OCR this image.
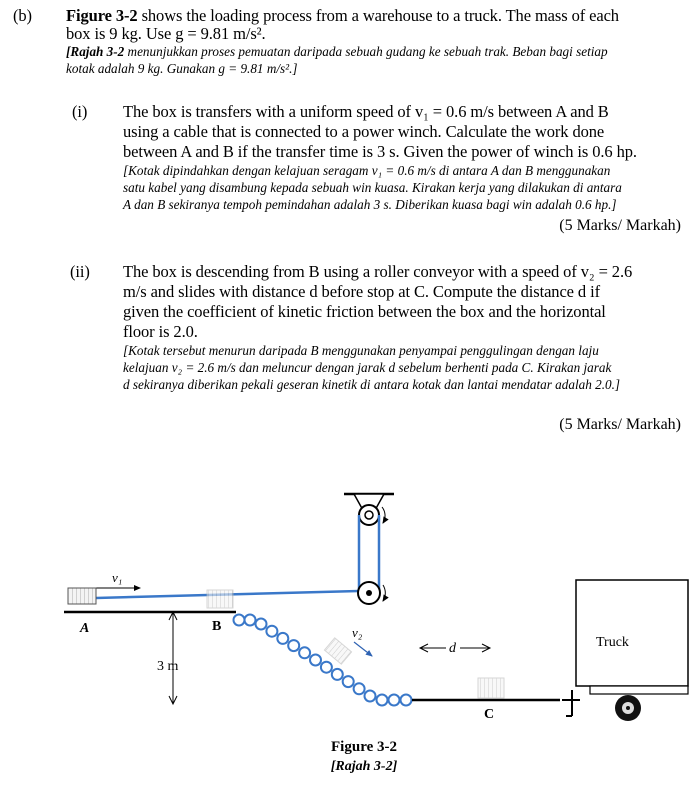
(b) Figure 3-2 shows the loading process from a warehouse to a truck. The mass of each
box is 9 kg. Use g = 9.81 m/s².
[Rajah 3-2 menunjukkan proses pemuatan daripada sebuah gudang ke sebuah trak. Beban bagi setiap
kotak adalah 9 kg. Gunakan g = 9.81 m/s².]
(i) The box is transfers with a uniform speed of v₁ = 0.6 m/s between A and B
using a cable that is connected to a power winch. Calculate the work done
between A and B if the transfer time is 3 s. Given the power of winch is 0.6 hp.
[Kotak dipindahkan dengan kelajuan seragam v₁ = 0.6 m/s di antara A dan B menggunakan
satu kabel yang disambung kepada sebuah win kuasa. Kirakan kerja yang dilakukan di antara
A dan B sekiranya tempoh pemindahan adalah 3 s. Diberikan kuasa bagi win adalah 0.6 hp.]
(5 Marks/ Markah)
(ii) The box is descending from B using a roller conveyor with a speed of v₂ = 2.6
m/s and slides with distance d before stop at C. Compute the distance d if
given the coefficient of kinetic friction between the box and the horizontal
floor is 2.0.
[Kotak tersebut menurun daripada B menggunakan penyampai penggulingan dengan laju
kelajuan v₂ = 2.6 m/s dan meluncur dengan jarak d sebelum berhenti pada C. Kirakan jarak
d sekiranya diberikan pekali geseran kinetik di antara kotak dan lantai mendatar adalah 2.0.]
(5 Marks/ Markah)
v₁
A	B
3 m
v₂
d
C
Truck
Figure 3-2
[Rajah 3-2]
